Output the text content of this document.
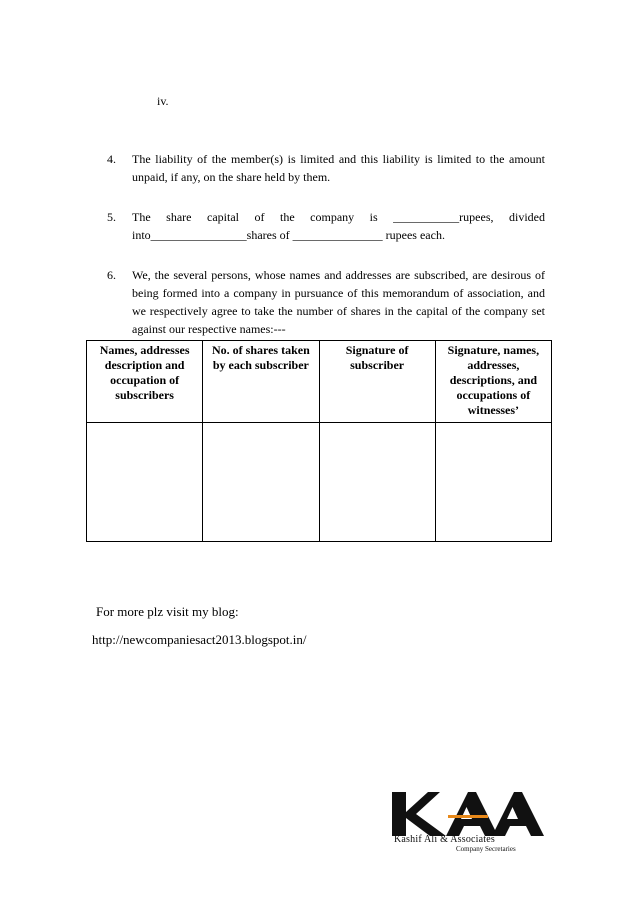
iv.
4.	The liability of the member(s) is limited and this liability is limited to the amount unpaid, if any, on the share held by them.
5.	The share capital of the company is ___________rupees, divided
into________________shares of _______________ rupees each.
6.	We, the several persons, whose names and addresses are subscribed, are desirous of being formed into a company in pursuance of this memorandum of association, and we respectively agree to take the number of shares in the capital of the company set against our respective names:---
Names, addresses description and occupation of subscribers	No. of shares taken by each subscriber	Signature of subscriber	Signature, names, addresses, descriptions, and occupations of witnesses’

For more plz visit my blog:
http://newcompaniesact2013.blogspot.in/
Kashif Ali & Associates
Company Secretaries
